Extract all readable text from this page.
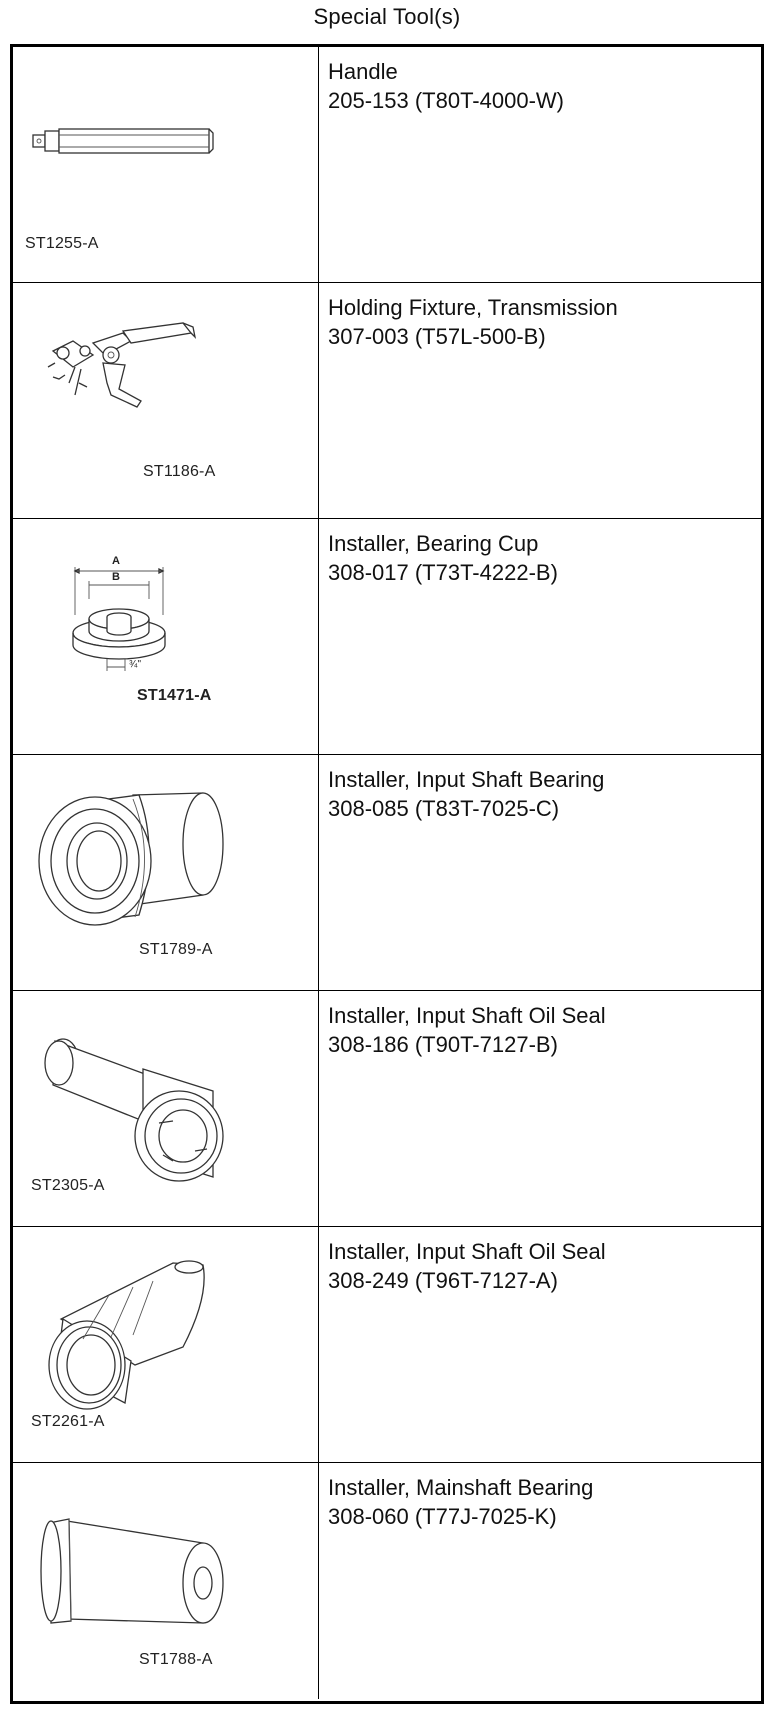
Special Tool(s)
ST1255-A
Handle
205-153 (T80T-4000-W)
ST1186-A
Holding Fixture, Transmission
307-003 (T57L-500-B)
A
B
¾"
ST1471-A
Installer, Bearing Cup
308-017 (T73T-4222-B)
ST1789-A
Installer, Input Shaft Bearing
308-085 (T83T-7025-C)
ST2305-A
Installer, Input Shaft Oil Seal
308-186 (T90T-7127-B)
ST2261-A
Installer, Input Shaft Oil Seal
308-249 (T96T-7127-A)
ST1788-A
Installer, Mainshaft Bearing
308-060 (T77J-7025-K)
